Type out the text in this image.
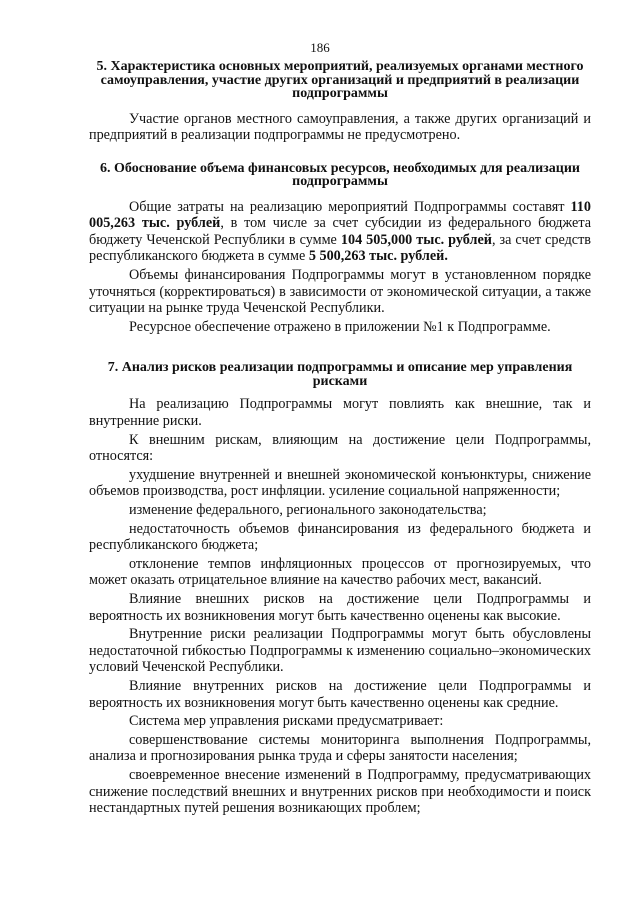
186
5. Характеристика основных мероприятий, реализуемых органами местного самоуправления, участие других организаций и предприятий в реализации подпрограммы

Участие органов местного самоуправления, а также других организаций и предприятий в реализации подпрограммы не предусмотрено.

6. Обоснование объема финансовых ресурсов, необходимых для реализации подпрограммы

Общие затраты на реализацию мероприятий Подпрограммы составят 110 005,263 тыс. рублей, в том числе за счет субсидии из федерального бюджета бюджету Чеченской Республики в сумме 104 505,000 тыс. рублей, за счет средств республиканского бюджета в сумме 5 500,263 тыс. рублей.

Объемы финансирования Подпрограммы могут в установленном порядке уточняться (корректироваться) в зависимости от экономической ситуации, а также ситуации на рынке труда Чеченской Республики.

Ресурсное обеспечение отражено в приложении №1 к Подпрограмме.

7. Анализ рисков реализации подпрограммы и описание мер управления рисками

На реализацию Подпрограммы могут повлиять как внешние, так и внутренние риски.

К внешним рискам, влияющим на достижение цели Подпрограммы, относятся:

ухудшение внутренней и внешней экономической конъюнктуры, снижение объемов производства, рост инфляции. усиление социальной напряженности;

изменение федерального, регионального законодательства;

недостаточность объемов финансирования из федерального бюджета и республиканского бюджета;

отклонение темпов инфляционных процессов от прогнозируемых, что может оказать отрицательное влияние на качество рабочих мест, вакансий.

Влияние внешних рисков на достижение цели Подпрограммы и вероятность их возникновения могут быть качественно оценены как высокие.

Внутренние риски реализации Подпрограммы могут быть обусловлены недостаточной гибкостью Подпрограммы к изменению социально–экономических условий Чеченской Республики.

Влияние внутренних рисков на достижение цели Подпрограммы и вероятность их возникновения могут быть качественно оценены как средние.

Система мер управления рисками предусматривает:

совершенствование системы мониторинга выполнения Подпрограммы, анализа и прогнозирования рынка труда и сферы занятости населения;

своевременное внесение изменений в Подпрограмму, предусматривающих снижение последствий внешних и внутренних рисков при необходимости и поиск нестандартных путей решения возникающих проблем;
